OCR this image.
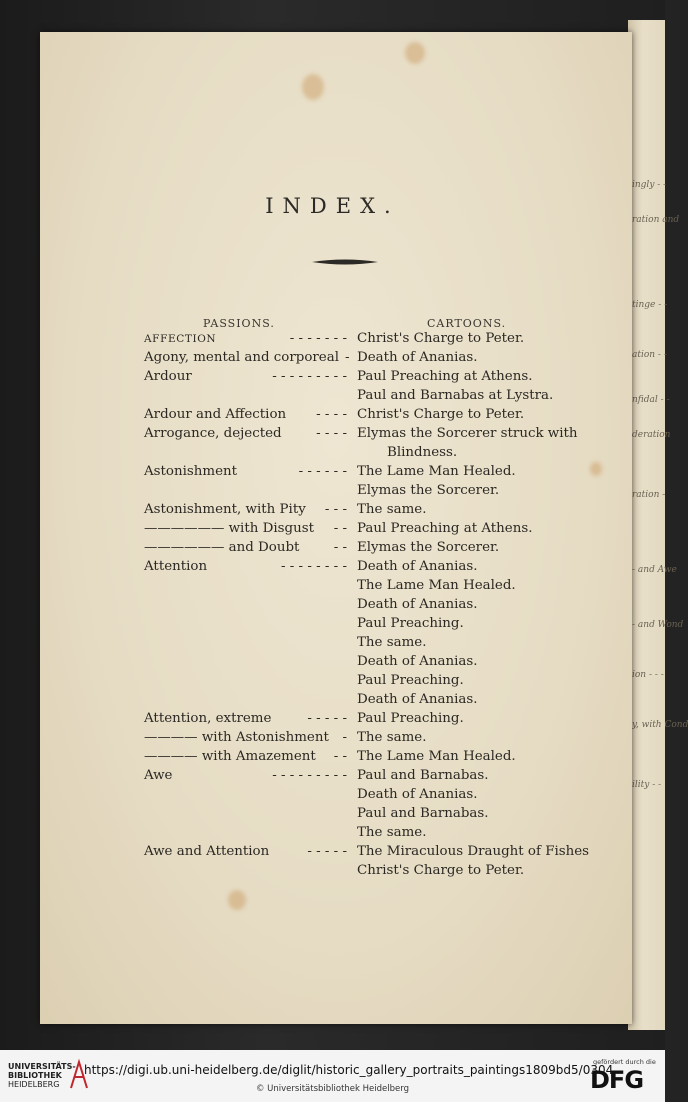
ingly - -
ration and
tinge - -
ation - -
nfidal - -
deration
ration -
- and Awe
- and Wond
ion - - -
y, with Cond
ility - -

INDEX.
PASSIONS.	CARTOONS.
AFFECTION	- - - - - - - Christ's Charge to Peter.
Agony, mental and corporeal - Death of Ananias.
Ardour	- - - - - - - - - Paul Preaching at Athens.
Paul and Barnabas at Lystra.
Ardour and Affection - - - - Christ's Charge to Peter.
Arrogance, dejected	- - - - Elymas the Sorcerer struck with
Blindness.
Astonishment	- - - - - - The Lame Man Healed.
Elymas the Sorcerer.
Astonishment, with Pity - - - The same.
—————— with Disgust - - Paul Preaching at Athens.
—————— and Doubt	- - Elymas the Sorcerer.
Attention	- - - - - - - - Death of Ananias.
The Lame Man Healed.
Death of Ananias.
Paul Preaching.
The same.
Death of Ananias.
Paul Preaching.
Death of Ananias.
Attention, extreme	- - - - - Paul Preaching.
———— with Astonishment - The same.
———— with Amazement - - The Lame Man Healed.
Awe	- - - - - - - - - Paul and Barnabas.
Death of Ananias.
Paul and Barnabas.
The same.
Awe and Attention	- - - - - The Miraculous Draught of Fishes
Christ's Charge to Peter.
UNIVERSITÄTS-
BIBLIOTHEK
HEIDELBERG
https://digi.ub.uni-heidelberg.de/diglit/historic_gallery_portraits_paintings1809bd5/0304
© Universitätsbibliothek Heidelberg
gefördert durch die
DFG
